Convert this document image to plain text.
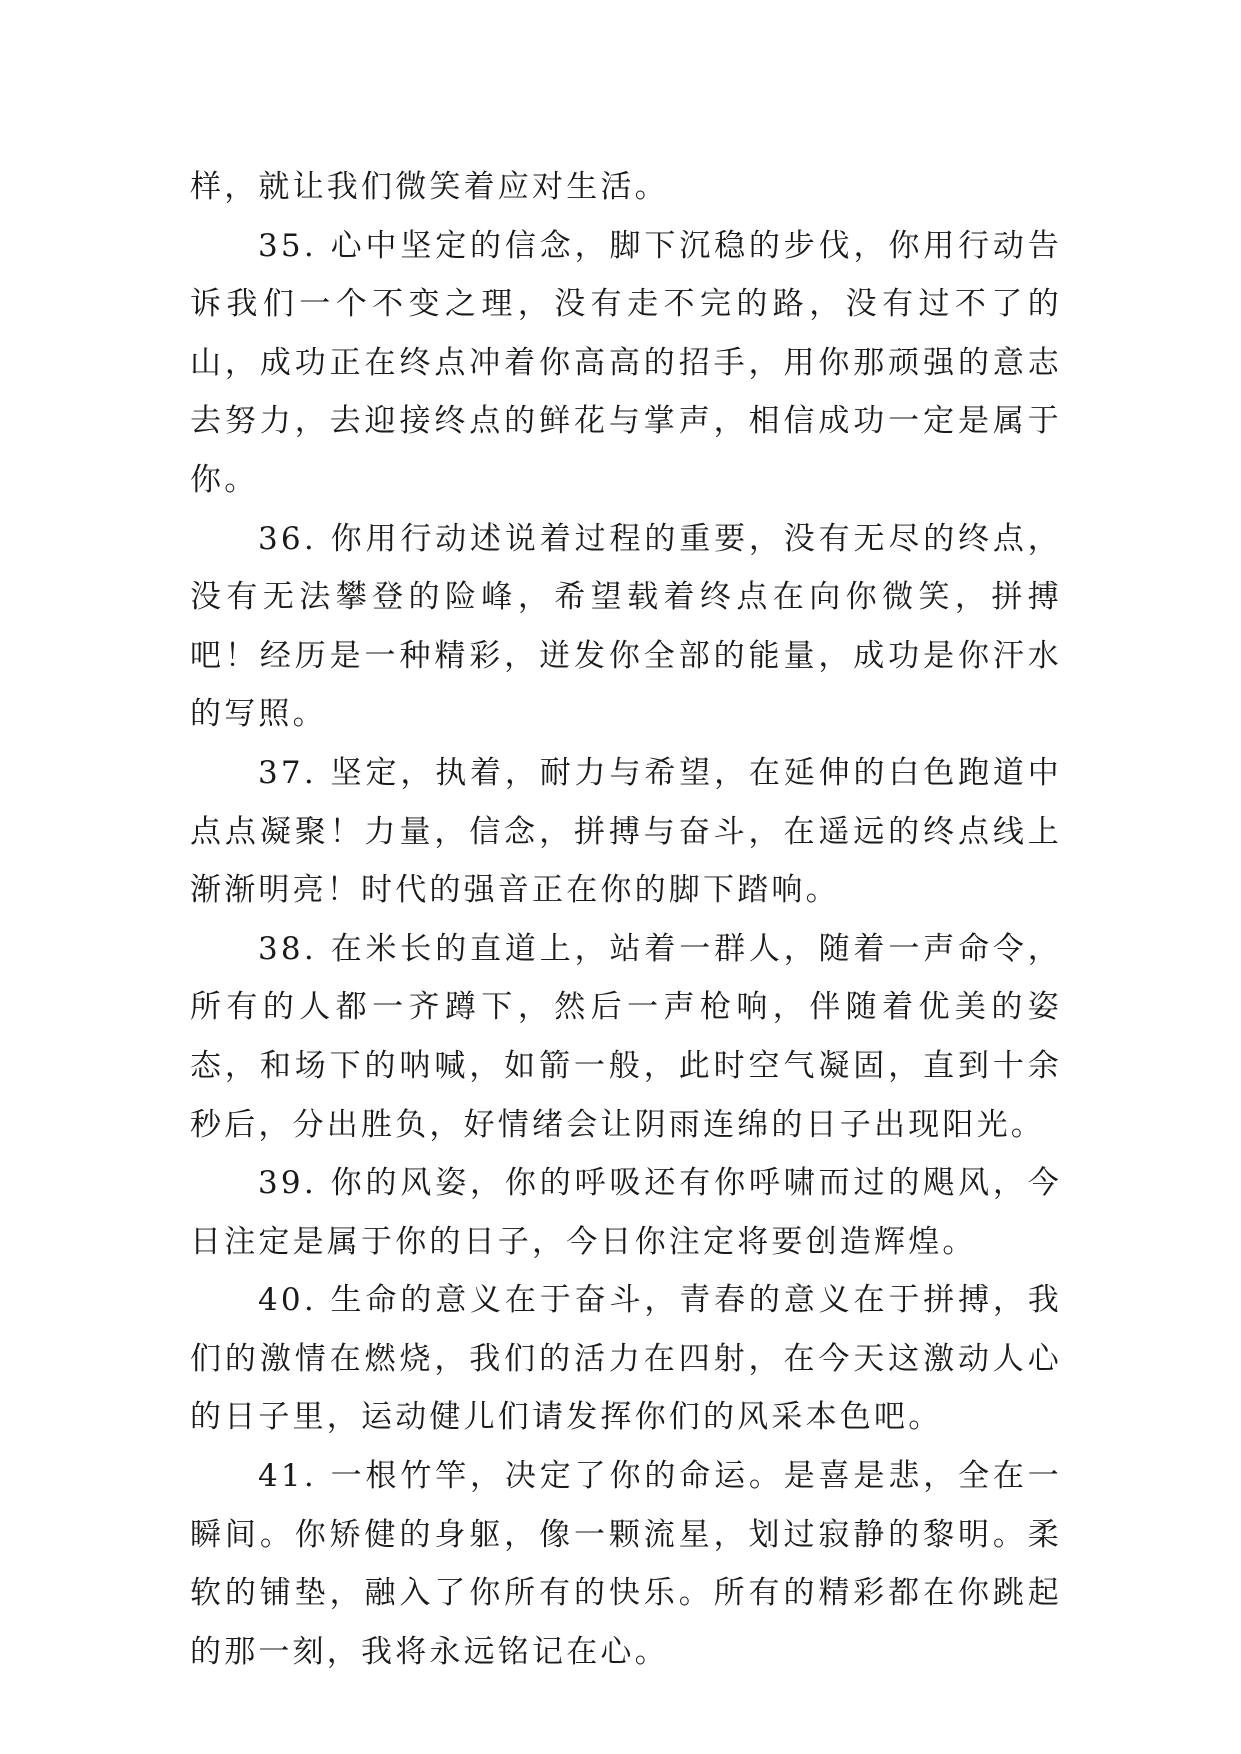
样，就让我们微笑着应对生活。

35. 心中坚定的信念，脚下沉稳的步伐，你用行动告诉我们一个不变之理，没有走不完的路，没有过不了的山，成功正在终点冲着你高高的招手，用你那顽强的意志去努力，去迎接终点的鲜花与掌声，相信成功一定是属于你。

36. 你用行动述说着过程的重要，没有无尽的终点，没有无法攀登的险峰，希望载着终点在向你微笑，拼搏吧！经历是一种精彩，迸发你全部的能量，成功是你汗水的写照。

37. 坚定，执着，耐力与希望，在延伸的白色跑道中点点凝聚！力量，信念，拼搏与奋斗，在遥远的终点线上渐渐明亮！时代的强音正在你的脚下踏响。

38. 在米长的直道上，站着一群人，随着一声命令，所有的人都一齐蹲下，然后一声枪响，伴随着优美的姿态，和场下的呐喊，如箭一般，此时空气凝固，直到十余秒后，分出胜负，好情绪会让阴雨连绵的日子出现阳光。

39. 你的风姿，你的呼吸还有你呼啸而过的飓风，今日注定是属于你的日子，今日你注定将要创造辉煌。

40. 生命的意义在于奋斗，青春的意义在于拼搏，我们的激情在燃烧，我们的活力在四射，在今天这激动人心的日子里，运动健儿们请发挥你们的风采本色吧。

41. 一根竹竿，决定了你的命运。是喜是悲，全在一瞬间。你矫健的身躯，像一颗流星，划过寂静的黎明。柔软的铺垫，融入了你所有的快乐。所有的精彩都在你跳起的那一刻，我将永远铭记在心。
